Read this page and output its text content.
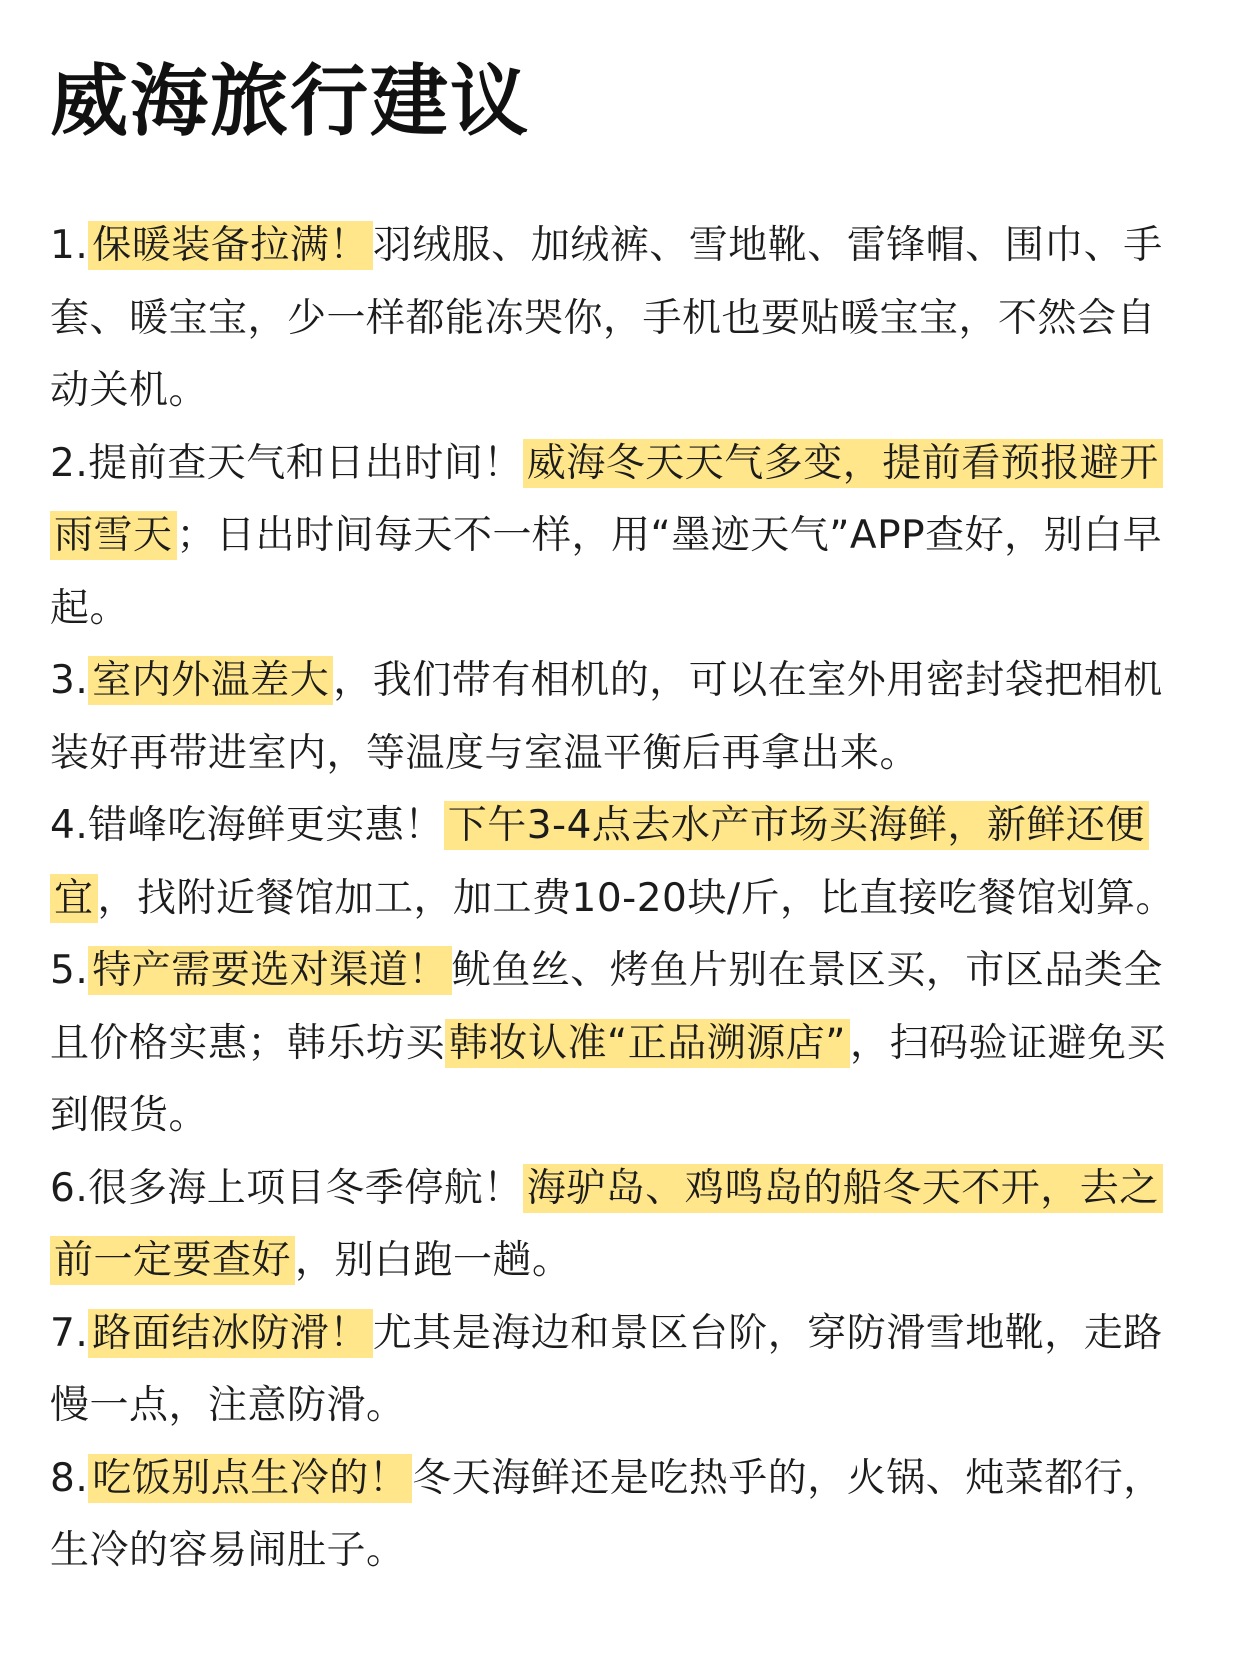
威海旅行建议

1. 保暖装备拉满！ 羽绒服、加绒裤、雪地靴、雷锋帽、围巾、手套、暖宝宝，少一样都能冻哭你，手机也要贴暖宝宝，不然会自动关机。

2.提前查天气和日出时间！ 威海冬天天气多变，提前看预报避开雨雪天 ；日出时间每天不一样，用“墨迹天气”APP查好，别白早起。

3. 室内外温差大 ，我们带有相机的，可以在室外用密封袋把相机装好再带进室内，等温度与室温平衡后再拿出来。

4.错峰吃海鲜更实惠！ 下午3-4点去水产市场买海鲜，新鲜还便宜 ，找附近餐馆加工，加工费10-20块/斤，比直接吃餐馆划算。

5. 特产需要选对渠道！ 鱿鱼丝、烤鱼片别在景区买，市区品类全且价格实惠；韩乐坊买 韩妆认准“正品溯源店” ，扫码验证避免买到假货。

6.很多海上项目冬季停航！ 海驴岛、鸡鸣岛的船冬天不开，去之前一定要查好 ，别白跑一趟。

7. 路面结冰防滑！ 尤其是海边和景区台阶，穿防滑雪地靴，走路慢一点，注意防滑。

8. 吃饭别点生冷的！ 冬天海鲜还是吃热乎的，火锅、炖菜都行，生冷的容易闹肚子。
